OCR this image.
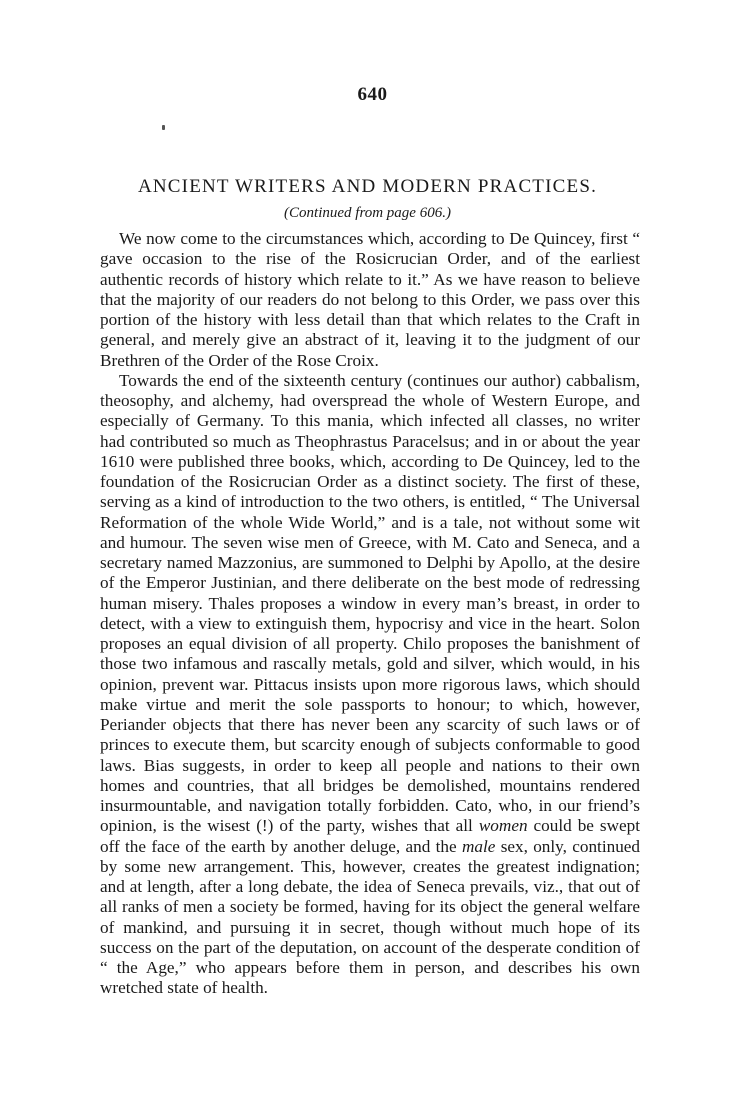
640
ANCIENT WRITERS AND MODERN PRACTICES.
(Continued from page 606.)

We now come to the circumstances which, according to De Quincey, first “ gave occasion to the rise of the Rosicrucian Order, and of the earliest authentic records of history which relate to it.” As we have reason to believe that the majority of our readers do not belong to this Order, we pass over this portion of the history with less detail than that which relates to the Craft in general, and merely give an abstract of it, leaving it to the judgment of our Brethren of the Order of the Rose Croix.

Towards the end of the sixteenth century (continues our author) cabbalism, theosophy, and alchemy, had overspread the whole of Western Europe, and especially of Germany. To this mania, which infected all classes, no writer had contributed so much as Theophrastus Paracelsus; and in or about the year 1610 were published three books, which, according to De Quincey, led to the foundation of the Rosicrucian Order as a distinct society. The first of these, serving as a kind of introduction to the two others, is entitled, “ The Universal Reformation of the whole Wide World,” and is a tale, not without some wit and humour. The seven wise men of Greece, with M. Cato and Seneca, and a secretary named Mazzonius, are summoned to Delphi by Apollo, at the desire of the Emperor Justinian, and there deliberate on the best mode of redressing human misery. Thales proposes a window in every man’s breast, in order to detect, with a view to extinguish them, hypocrisy and vice in the heart. Solon proposes an equal division of all property. Chilo proposes the banishment of those two infamous and rascally metals, gold and silver, which would, in his opinion, prevent war. Pittacus insists upon more rigorous laws, which should make virtue and merit the sole passports to honour; to which, however, Periander objects that there has never been any scarcity of such laws or of princes to execute them, but scarcity enough of subjects conformable to good laws. Bias suggests, in order to keep all people and nations to their own homes and countries, that all bridges be demolished, mountains rendered insurmountable, and navigation totally forbidden. Cato, who, in our friend’s opinion, is the wisest (!) of the party, wishes that all women could be swept off the face of the earth by another deluge, and the male sex, only, continued by some new arrangement. This, however, creates the greatest indignation; and at length, after a long debate, the idea of Seneca prevails, viz., that out of all ranks of men a society be formed, having for its object the general welfare of mankind, and pursuing it in secret, though without much hope of its success on the part of the deputation, on account of the desperate condition of “ the Age,” who appears before them in person, and describes his own wretched state of health.
